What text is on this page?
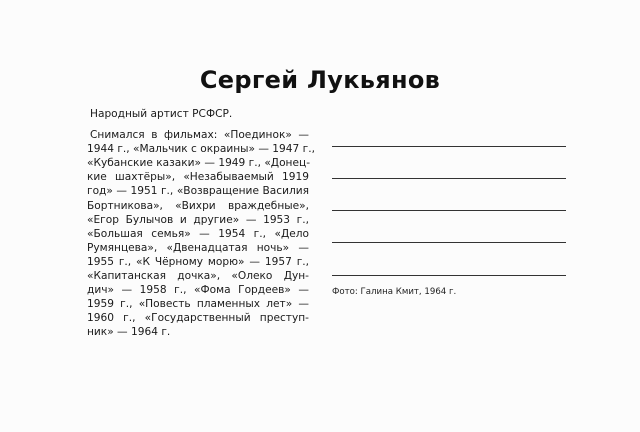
Сергей Лукьянов
Народный артист РСФСР.
Снимался в фильмах: «Поединок» —
1944 г., «Мальчик с окраины» — 1947 г.,
«Кубанские казаки» — 1949 г., «Донец-
кие шахтёры», «Незабываемый 1919
год» — 1951 г., «Возвращение Василия
Бортникова», «Вихри враждебные»,
«Егор Булычов и другие» — 1953 г.,
«Большая семья» — 1954 г., «Дело
Румянцева», «Двенадцатая ночь» —
1955 г., «К Чёрному морю» — 1957 г.,
«Капитанская дочка», «Олеко Дун-
дич» — 1958 г., «Фома Гордеев» —
1959 г., «Повесть пламенных лет» —
1960 г., «Государственный преступ-
ник» — 1964 г.
Фото: Галина Кмит, 1964 г.
